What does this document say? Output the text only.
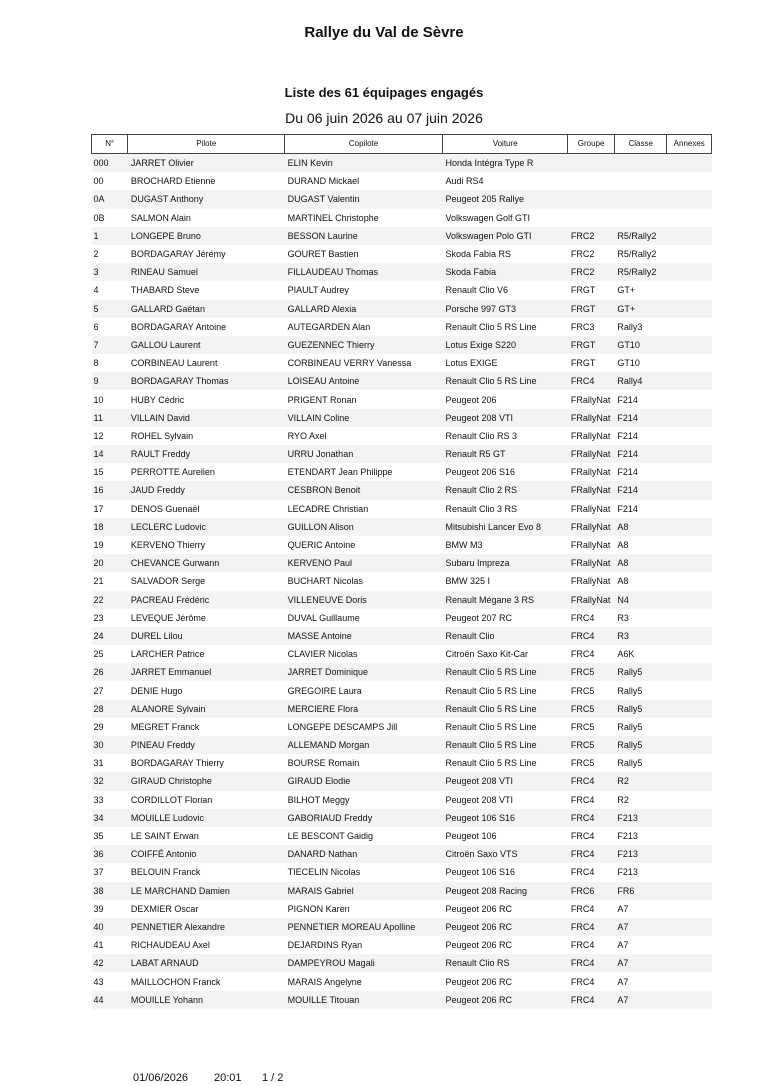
Rallye du Val de Sèvre
Liste des 61 équipages engagés
Du 06 juin 2026 au 07 juin 2026
N°	Pilote	Copilote	Voiture	Groupe	Classe	Annexes
000	JARRET Olivier	ELIN Kevin	Honda Intégra Type R			
00	BROCHARD Etienne	DURAND Mickael	Audi RS4			
0A	DUGAST Anthony	DUGAST Valentin	Peugeot 205 Rallye			
0B	SALMON Alain	MARTINEL Christophe	Volkswagen Golf GTI			
1	LONGEPE Bruno	BESSON Laurine	Volkswagen Polo GTI	FRC2	R5/Rally2	
2	BORDAGARAY Jérémy	GOURET Bastien	Skoda Fabia RS	FRC2	R5/Rally2	
3	RINEAU Samuel	FILLAUDEAU Thomas	Skoda Fabia	FRC2	R5/Rally2	
4	THABARD Steve	PIAULT Audrey	Renault Clio V6	FRGT	GT+	
5	GALLARD Gaëtan	GALLARD Alexia	Porsche 997 GT3	FRGT	GT+	
6	BORDAGARAY Antoine	AUTEGARDEN Alan	Renault Clio 5 RS Line	FRC3	Rally3	
7	GALLOU Laurent	GUEZENNEC Thierry	Lotus Exige S220	FRGT	GT10	
8	CORBINEAU Laurent	CORBINEAU VERRY Vanessa	Lotus EXIGE	FRGT	GT10	
9	BORDAGARAY Thomas	LOISEAU Antoine	Renault Clio 5 RS Line	FRC4	Rally4	
10	HUBY Cédric	PRIGENT Ronan	Peugeot 206	FRallyNat	F214	
11	VILLAIN David	VILLAIN Coline	Peugeot 208 VTI	FRallyNat	F214	
12	ROHEL Sylvain	RYO Axel	Renault Clio RS 3	FRallyNat	F214	
14	RAULT Freddy	URRU Jonathan	Renault R5 GT	FRallyNat	F214	
15	PERROTTE Aurelien	ETENDART Jean Philippe	Peugeot 206 S16	FRallyNat	F214	
16	JAUD Freddy	CESBRON Benoit	Renault Clio 2 RS	FRallyNat	F214	
17	DENOS Guenaël	LECADRE Christian	Renault Clio 3 RS	FRallyNat	F214	
18	LECLERC Ludovic	GUILLON Alison	Mitsubishi Lancer Evo 8	FRallyNat	A8	
19	KERVENO Thierry	QUERIC Antoine	BMW M3	FRallyNat	A8	
20	CHEVANCE Gurwann	KERVENO Paul	Subaru Impreza	FRallyNat	A8	
21	SALVADOR Serge	BUCHART Nicolas	BMW 325 I	FRallyNat	A8	
22	PACREAU Frédéric	VILLENEUVE Doris	Renault Mégane 3 RS	FRallyNat	N4	
23	LEVEQUE Jérôme	DUVAL Guillaume	Peugeot 207 RC	FRC4	R3	
24	DUREL Lilou	MASSE Antoine	Renault Clio	FRC4	R3	
25	LARCHER Patrice	CLAVIER Nicolas	Citroën Saxo Kit-Car	FRC4	A6K	
26	JARRET Emmanuel	JARRET Dominique	Renault Clio 5 RS Line	FRC5	Rally5	
27	DENIE Hugo	GREGOIRE Laura	Renault Clio 5 RS Line	FRC5	Rally5	
28	ALANORE Sylvain	MERCIERE Flora	Renault Clio 5 RS Line	FRC5	Rally5	
29	MEGRET Franck	LONGEPE DESCAMPS Jill	Renault Clio 5 RS Line	FRC5	Rally5	
30	PINEAU Freddy	ALLEMAND Morgan	Renault Clio 5 RS Line	FRC5	Rally5	
31	BORDAGARAY Thierry	BOURSE Romain	Renault Clio 5 RS Line	FRC5	Rally5	
32	GIRAUD Christophe	GIRAUD Elodie	Peugeot 208 VTI	FRC4	R2	
33	CORDILLOT Florian	BILHOT Meggy	Peugeot 208 VTI	FRC4	R2	
34	MOUILLE Ludovic	GABORIAUD Freddy	Peugeot 106 S16	FRC4	F213	
35	LE SAINT Erwan	LE BESCONT Gaidig	Peugeot 106	FRC4	F213	
36	COIFFÉ Antonio	DANARD Nathan	Citroën Saxo VTS	FRC4	F213	
37	BELOUIN Franck	TIECELIN Nicolas	Peugeot 106 S16	FRC4	F213	
38	LE MARCHAND Damien	MARAIS Gabriel	Peugeot 208 Racing	FRC6	FR6	
39	DEXMIER Oscar	PIGNON Karen	Peugeot 206 RC	FRC4	A7	
40	PENNETIER Alexandre	PENNETIER MOREAU Apolline	Peugeot 206 RC	FRC4	A7	
41	RICHAUDEAU Axel	DEJARDINS Ryan	Peugeot 206 RC	FRC4	A7	
42	LABAT ARNAUD	DAMPEYROU Magali	Renault Clio RS	FRC4	A7	
43	MAILLOCHON Franck	MARAIS Angelyne	Peugeot 206 RC	FRC4	A7	
44	MOUILLE Yohann	MOUILLE Titouan	Peugeot 206 RC	FRC4	A7	
01/06/2026 20:01 1 / 2
